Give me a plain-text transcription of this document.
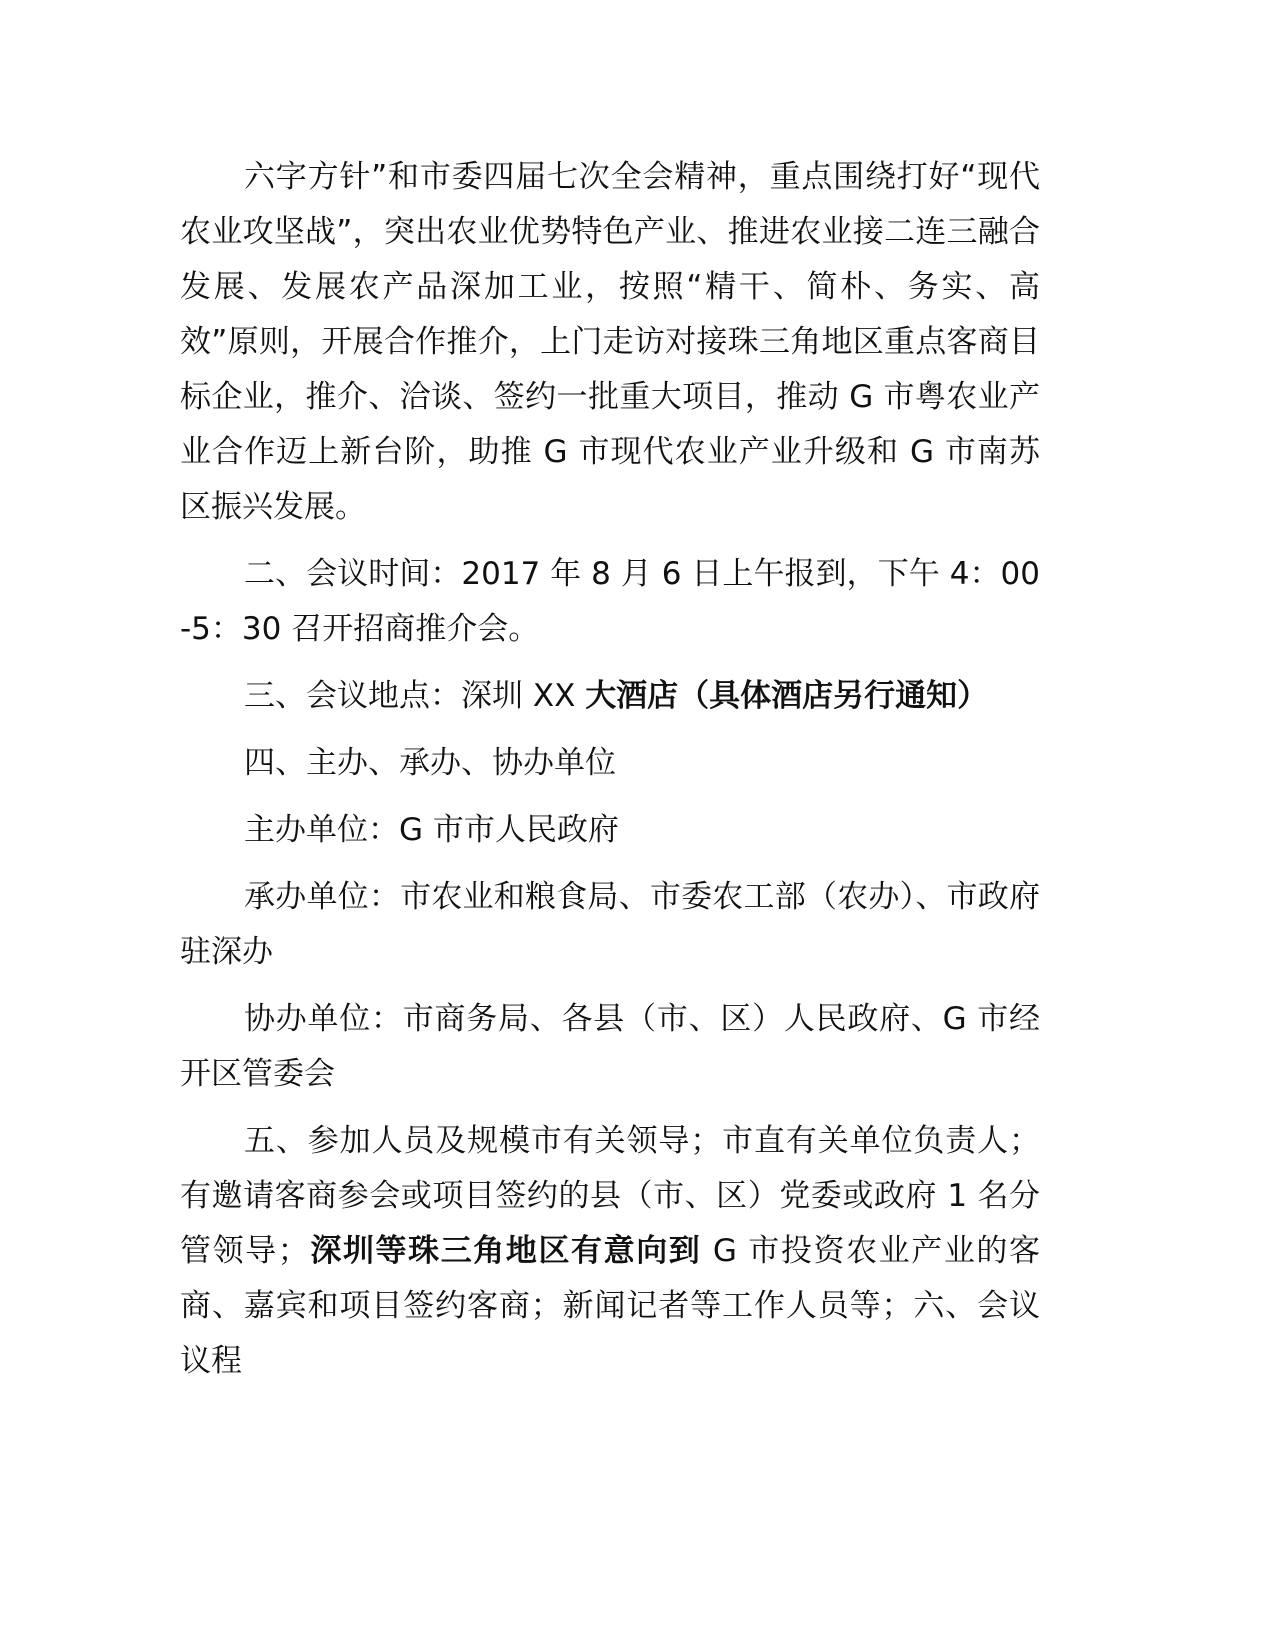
六字方针”和市委四届七次全会精神，重点围绕打好“现代农业攻坚战”，突出农业优势特色产业、推进农业接二连三融合发展、发展农产品深加工业，按照“精干、简朴、务实、高效”原则，开展合作推介，上门走访对接珠三角地区重点客商目标企业，推介、洽谈、签约一批重大项目，推动 G 市粤农业产业合作迈上新台阶，助推 G 市现代农业产业升级和 G 市南苏区振兴发展。

二、会议时间：2017 年 8 月 6 日上午报到，下午 4：00-5：30 召开招商推介会。

三、会议地点：深圳 XX 大酒店（具体酒店另行通知）

四、主办、承办、协办单位

主办单位：G 市市人民政府

承办单位：市农业和粮食局、市委农工部（农办）、市政府驻深办

协办单位：市商务局、各县（市、区）人民政府、G 市经开区管委会

五、参加人员及规模市有关领导；市直有关单位负责人；有邀请客商参会或项目签约的县（市、区）党委或政府 1 名分管领导；深圳等珠三角地区有意向到 G 市投资农业产业的客商、嘉宾和项目签约客商；新闻记者等工作人员等；六、会议议程
